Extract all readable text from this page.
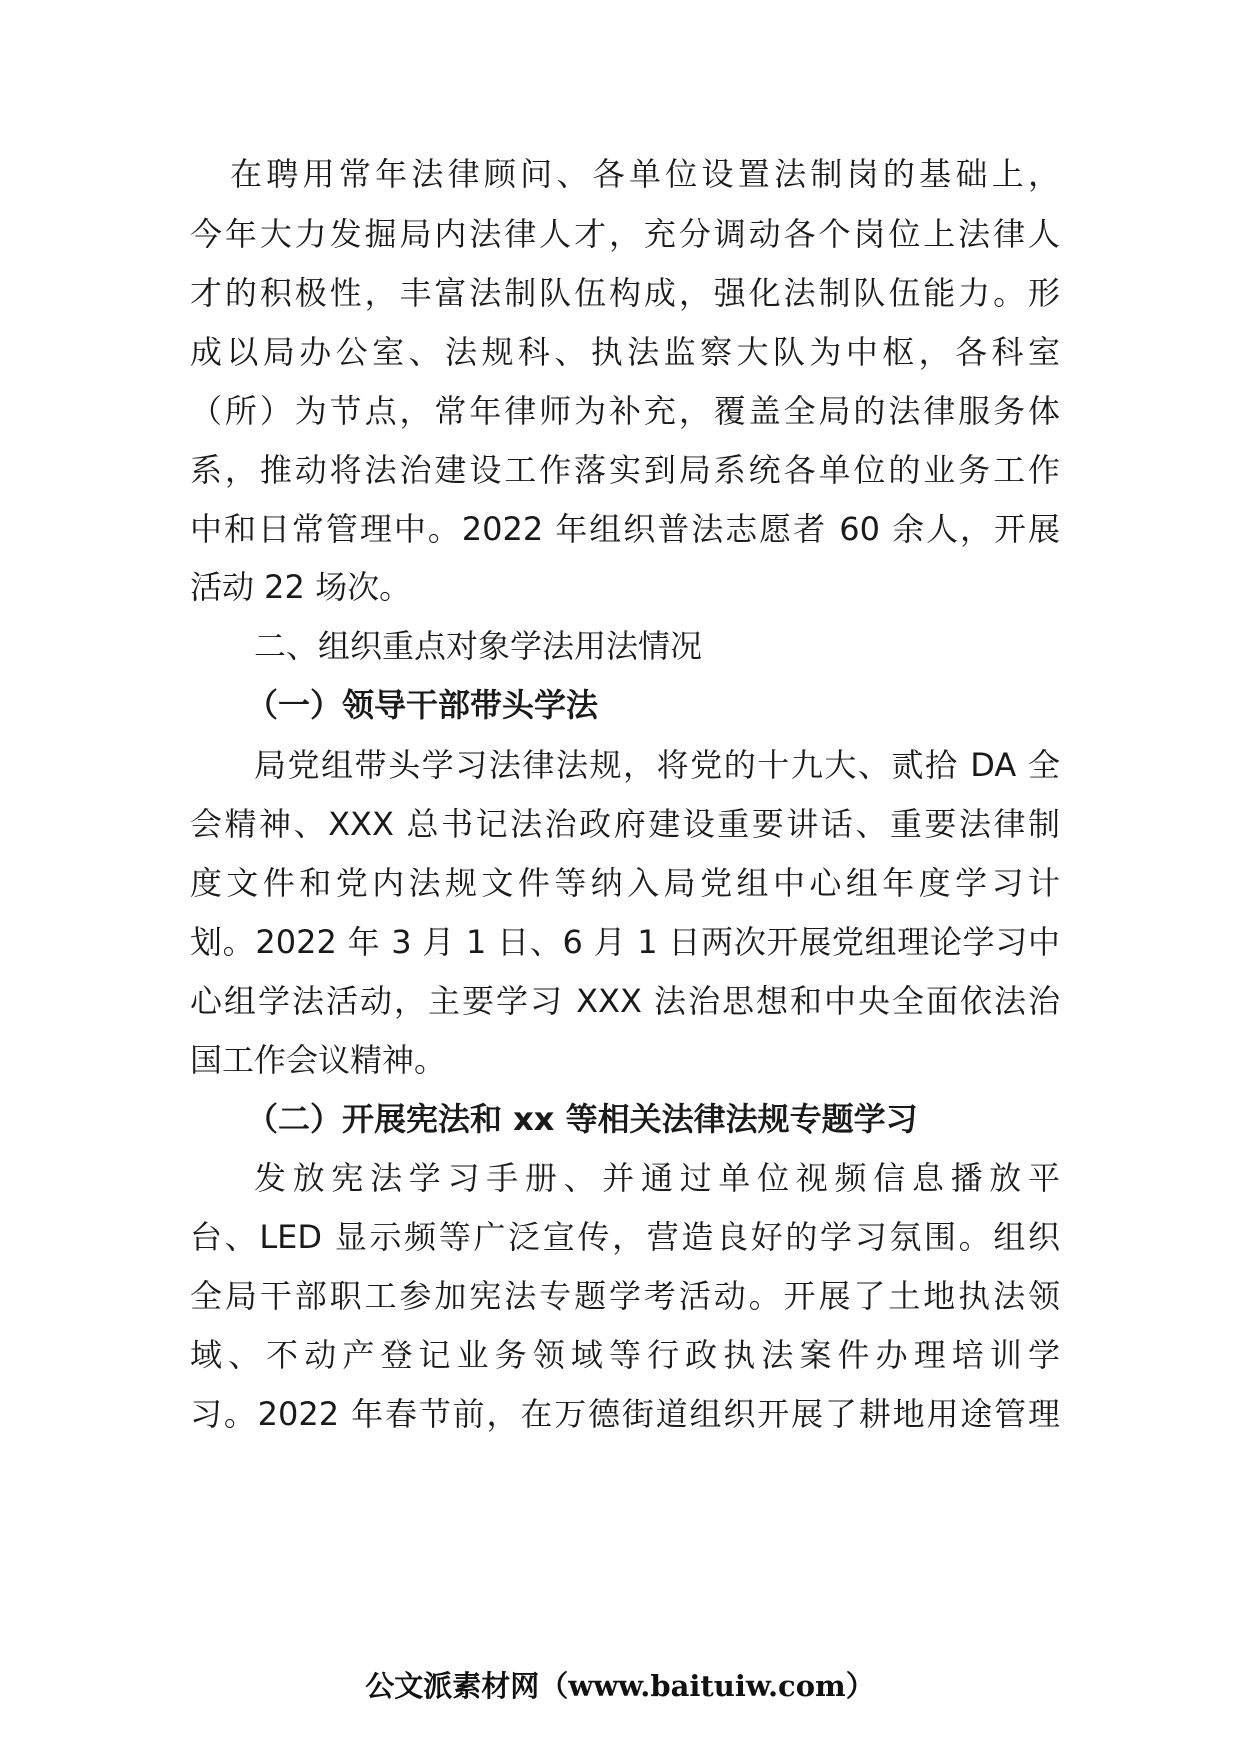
在聘用常年法律顾问、各单位设置法制岗的基础上，
今年大力发掘局内法律人才，充分调动各个岗位上法律人
才的积极性，丰富法制队伍构成，强化法制队伍能力。形
成以局办公室、法规科、执法监察大队为中枢，各科室
（所）为节点，常年律师为补充，覆盖全局的法律服务体
系，推动将法治建设工作落实到局系统各单位的业务工作
中和日常管理中。2022 年组织普法志愿者 60 余人，开展
活动 22 场次。
二、组织重点对象学法用法情况
（一）领导干部带头学法
局党组带头学习法律法规，将党的十九大、贰拾 DA 全
会精神、XXX 总书记法治政府建设重要讲话、重要法律制
度文件和党内法规文件等纳入局党组中心组年度学习计
划。2022 年 3 月 1 日、6 月 1 日两次开展党组理论学习中
心组学法活动，主要学习 XXX 法治思想和中央全面依法治
国工作会议精神。
（二）开展宪法和 xx 等相关法律法规专题学习
发放宪法学习手册、并通过单位视频信息播放平
台、LED 显示频等广泛宣传，营造良好的学习氛围。组织
全局干部职工参加宪法专题学考活动。开展了土地执法领
域、不动产登记业务领域等行政执法案件办理培训学
习。2022 年春节前，在万德街道组织开展了耕地用途管理
公文派素材网（www.baituiw.com）
